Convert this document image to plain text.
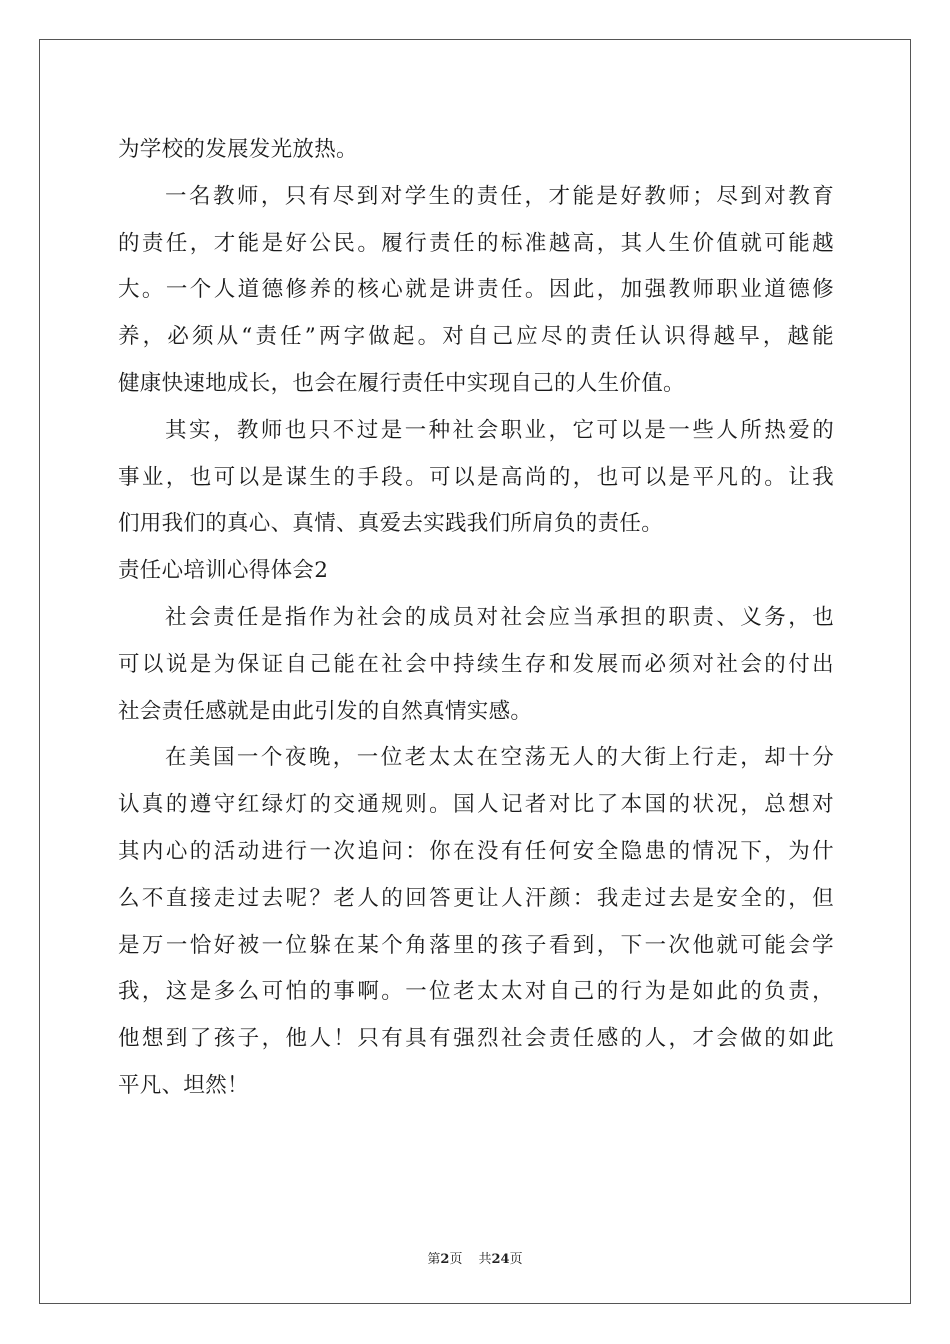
为学校的发展发光放热。
一名教师，只有尽到对学生的责任，才能是好教师；尽到对教育
的责任，才能是好公民。履行责任的标准越高，其人生价值就可能越
大。一个人道德修养的核心就是讲责任。因此，加强教师职业道德修
养，必须从“责任”两字做起。对自己应尽的责任认识得越早，越能
健康快速地成长，也会在履行责任中实现自己的人生价值。
其实，教师也只不过是一种社会职业，它可以是一些人所热爱的
事业，也可以是谋生的手段。可以是高尚的，也可以是平凡的。让我
们用我们的真心、真情、真爱去实践我们所肩负的责任。
责任心培训心得体会2
社会责任是指作为社会的成员对社会应当承担的职责、义务，也
可以说是为保证自己能在社会中持续生存和发展而必须对社会的付出
社会责任感就是由此引发的自然真情实感。
在美国一个夜晚，一位老太太在空荡无人的大街上行走，却十分
认真的遵守红绿灯的交通规则。国人记者对比了本国的状况，总想对
其内心的活动进行一次追问：你在没有任何安全隐患的情况下，为什
么不直接走过去呢？老人的回答更让人汗颜：我走过去是安全的，但
是万一恰好被一位躲在某个角落里的孩子看到，下一次他就可能会学
我，这是多么可怕的事啊。一位老太太对自己的行为是如此的负责，
他想到了孩子，他人！只有具有强烈社会责任感的人，才会做的如此
平凡、坦然！
第2页 共24页
